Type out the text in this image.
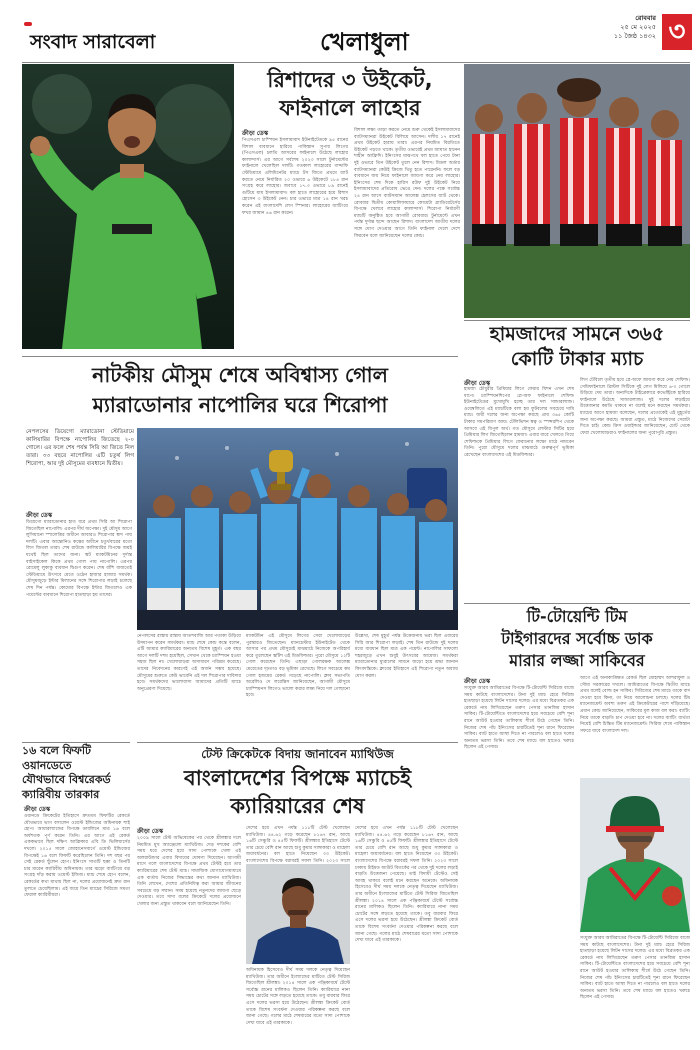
সংবাদ সারাবেলা	খেলাধুলা
রোববার
২৫ মে ২০২৫
১১ জৈষ্ঠ ১৪৩২ ৩
রিশাদের ৩ উইকেট,
ফাইনালে লাহোর
ক্রীড়া ডেস্ক
পিএসএল চাম্পিয়ন ইসলামাবাদ ইউনাইটেডকে ৯৫ রানের বিশাল ব্যবধানে হারিয়ে পাকিস্তান সুপার লিগের (পিএসএল) চলতি আসরের ফাইনালে উঠেছে লাহোর কালান্দার্স। এর আগে সর্বশেষ ২০২৩ সালে টুর্নামেন্টের ফাইনালে খেলেছিল দলটি। গতকাল লাহোরের গাদ্দাফি স্টেডিয়ামে এলিমিনেটর ম্যাচে টস জিতে প্রথমে ব্যাট করতে নেমে নির্ধারিত ২০ ওভারে ৬ উইকেটে ১৮৪ রান সংগ্রহ করে লাহোর। জবাবে ১৭.৩ ওভারে ৮৯ রানেই গুটিয়ে যায় ইসলামাবাদ। বল হাতে লাহোরের হয়ে রিশাদ হোসেন ৩ উইকেট নেন। চার ওভারে মাত্র ১৪ রান খরচ করেন এই বাংলাদেশি লেগ স্পিনার। লাহোরের ব্যাটিংয়ে ফখর জামান ৪৬ রান করেন।
বিশাল লক্ষ্য তাড়া করতে নেমে শুরু থেকেই ইসলামাবাদের ব্যাটসম্যানরা উইকেট বিলিয়ে আসেন। দলীয় ১৭ রানেই প্রথম উইকেট হারায় তারা। এরপর নিয়মিত বিরতিতে উইকেট পড়তে থাকে। তৃতীয় ওভারেই প্রথম আঘাত হানেন শাহীন আফ্রিদি। ইনিংসের মাঝপথে বল হাতে পেয়ে টানা দুই ওভারে তিন উইকেট তুলে নেন রিশাদ। মিডল অর্ডার ব্যাটসম্যানরা কেউই ক্রিজে থিতু হতে পারেননি। ফলে বড় ব্যবধানে জয় নিয়ে ফাইনালে জায়গা করে নেয় লাহোর। ইনিংসের শেষ দিকে হারিস রউফ দুই উইকেট নিয়ে ইসলামাবাদের প্রতিরোধ ভেঙে দেন। দলের পক্ষে সর্বোচ্চ ২৪ রান আসে ব্যাটসম্যান আলেক্স হেলসের ব্যাট থেকে। রোববার দ্বিতীয় কোয়ালিফায়ারে কোয়েটা গ্ল্যাডিয়েটর্সের বিপক্ষে খেলবে লাহোর কালান্দার্স। শিরোপা নির্ধারণী ম্যাচটি অনুষ্ঠিত হবে আগামী রোববার। টুর্নামেন্টে এখন পর্যন্ত দুর্দান্ত ছন্দে আছেন রিশাদ। বাংলাদেশ জাতীয় দলের সঙ্গে যোগ দেওয়ার আগে তিনি ফাইনাল খেলে দেশে ফিরবেন বলে জানিয়েছেন দলের কোচ।
হামজাদের সামনে ৩৬৫
কোটি টাকার ম্যাচ
ক্রীড়া ডেস্ক
হামজা চৌধুরীর প্রিমিয়ার লিগে ফেরার মিশন এখন শেষ ধাপে। চ্যাম্পিয়নশিপের প্লে-অফ ফাইনালে শেফিল্ড ইউনাইটেডের মুখোমুখি হচ্ছে তার দল সান্ডারল্যান্ড। ওয়েম্বলিতে এই ম্যাচটিকে বলা হয় ফুটবলের সবচেয়ে দামি ম্যাচ। জয়ী দলের জন্য অপেক্ষা করছে প্রায় ৩৬৫ কোটি টাকার সমপরিমাণ আয়। টেলিভিশন স্বত্ব ও স্পন্সরশিপ থেকে আসবে এই বিপুল অর্থ। গত মৌসুমে লেস্টার সিটির হয়ে প্রিমিয়ার লিগ জিতেছিলেন হামজা। এবার ধারে খেলতে গিয়ে শেফিল্ডকে প্রিমিয়ার লিগে ফেরানোর লক্ষ্যে মাঠে নামবেন তিনি। পুরো মৌসুমে দলের মাঝমাঠে গুরুত্বপূর্ণ ভূমিকা রেখেছেন বাংলাদেশের এই মিডফিল্ডার।
লিগ টেবিলে তৃতীয় হয়ে প্লে-অফে জায়গা করে নেয় শেফিল্ড। সেমিফাইনালে ব্রিস্টল সিটিকে দুই লেগ মিলিয়ে ৬-০ গোলে উড়িয়ে দেয় তারা। অন্যদিকে টাইব্রেকারে কভেন্ট্রিকে হারিয়ে ফাইনালে উঠেছে সান্ডারল্যান্ড। দুই দলের লড়াইয়ে উত্তেজনার কমতি থাকবে না বলেই মনে করছেন সমর্থকরা। ম্যাচের আগে হামজা বলেছেন, দলের প্রত্যেকেই এই মুহূর্তের জন্য অপেক্ষা করছে। আমরা প্রস্তুত, মাঠে নিজেদের সেরাটা দিতে চাই। কোচ ক্রিস ওয়াইল্ডার জানিয়েছেন, চোট থেকে ফেরা খেলোয়াড়রাও ফাইনালের জন্য পুরোপুরি প্রস্তুত।
নাটকীয় মৌসুম শেষে অবিশ্বাস্য গোল
ম্যারাডোনার নাপোলির ঘরে শিরোপা
নেপলসের ডিয়েগো ম্যারাডোনা স্টেডিয়ামে কালিয়ারির বিপক্ষে নাপোলির জিতেছে ২-০ গোলে। এর ফলে শেষ পর্যন্ত সিরি আ জিতে নিল তারা। ৩৩ বছরে নাপোলির এটি চতুর্থ লিগ শিরোপা, আর দুই মৌসুমের ব্যবধানে দ্বিতীয়।
ক্রীড়া ডেস্ক
ডিয়েগো ম্যারাডোনার হাত ধরে প্রথম সিরি আ শিরোপা জিতেছিল নাপোলি। এরপর দীর্ঘ অপেক্ষা। দুই মৌসুম আগে লুসিয়ানো স্পালেত্তির অধীনে আবারও শিরোপার স্বাদ পায় দলটি। এবার আন্তোনিও কন্তের অধীনে চতুর্থবারের মতো লিগ জিতল তারা। শেষ রাউন্ডে কালিয়ারির বিপক্ষে জয়ই যথেষ্ট ছিল তাদের জন্য। স্কট ম্যাকটমিনের দুর্দান্ত বাইসাইকেল কিকে প্রথম গোল পায় নাপোলি। এরপর রোমেলু লুকাকু ব্যবধান দ্বিগুণ করেন। শেষ বাঁশি বাজতেই স্টেডিয়ামে উৎসবে মেতে ওঠেন হাজার হাজার সমর্থক। মৌসুমজুড়ে ইন্টার মিলানের সঙ্গে শিরোপার লড়াই চলেছে শেষ দিন পর্যন্ত। কোমোর বিপক্ষে ইন্টার জিতলেও এক পয়েন্টের ব্যবধানে শিরোপা হাতছাড়া হয় তাদের।
নেপলসের রাস্তায় রাস্তায় আতশবাজি আর পতাকা উড়িয়ে উদযাপন করেন সমর্থকরা। ম্যাচ শেষে কোচ কন্তে বলেন, এটি আমার ক্যারিয়ারের অন্যতম বিশেষ মুহূর্ত। এক বছর আগে দলটি দশম হয়েছিল, সেখান থেকে চ্যাম্পিয়ন হওয়া সহজ ছিল না। খেলোয়াড়রা অসাধারণ পরিশ্রম করেছে। তাদের নিবেদনের কারণেই এই অর্জন সম্ভব হয়েছে। মৌসুমের শুরুতে কেউ ভাবেনি এই দল শিরোপার দাবিদার হবে। সমর্থকদের ভালোবাসা আমাদের প্রতিটি ম্যাচে অনুপ্রেরণা দিয়েছে।
ম্যাকটমিন এই মৌসুমে লিগের সেরা খেলোয়াড়ের পুরস্কারও জিতেছেন। ম্যানচেস্টার ইউনাইটেড থেকে আসার পর প্রথম মৌসুমেই মাঝমাঠে নিজেকে অপরিহার্য করে তুলেছেন স্কটিশ এই মিডফিল্ডার। পুরো মৌসুমে ১২টি গোল করেছেন তিনি। এছাড়া গোলরক্ষক আলেক্স মেরেতের দৃঢ়তাও বড় ভূমিকা রেখেছে। লিগে সবচেয়ে কম গোল হজমের রেকর্ড গড়েছে নাপোলি। ক্লাব সভাপতি অরেলিও দে লরেন্তিস জানিয়েছেন, আগামী মৌসুমে চ্যাম্পিয়নস লিগেও ভালো করার লক্ষ্য নিয়ে দল গোছানো হবে।
উল্লেখ্য, শেষ মুহূর্ত পর্যন্ত উত্তেজনায় ভরা ছিল এবারের সিরি আর শিরোপা লড়াই। শেষ তিন রাউন্ডে দুই দলের মধ্যে ব্যবধান ছিল মাত্র এক পয়েন্ট। নাপোলির সাফল্যে শহরজুড়ে এখন শুধুই উৎসবের আমেজ। সমর্থকরা ম্যারাডোনার ম্যুরালের সামনে জড়ো হয়ে শ্রদ্ধা জানান কিংবদন্তিকে। ক্লাবের ইতিহাসে এই শিরোপা নতুন অধ্যায় যোগ করল।
টি-টোয়েন্টি টিম
টাইগারদের সর্বোচ্চ ডাক
মারার লজ্জা সাকিবের
ক্রীড়া ডেস্ক
সংযুক্ত আরব আমিরাতের বিপক্ষে টি-টোয়েন্টি সিরিজে বাজে সময় কাটছে বাংলাদেশের। টানা দুই ম্যাচ হেরে সিরিজ হাতছাড়া হয়েছে লিটন দাসের দলের। এর মধ্যে বিব্রতকর এক রেকর্ডে নাম লিখিয়েছেন তরুণ পেসার তানজিম হাসান সাকিব। টি-টোয়েন্টিতে বাংলাদেশের হয়ে সবচেয়ে বেশি শূন্য রানে আউট হওয়ার তালিকায় শীর্ষে উঠে গেছেন তিনি। নিজের শেষ পাঁচ ইনিংসের চারটিতেই শূন্য রানে ফিরেছেন সাকিব। ব্যাট হাতে আস্থা দিতে না পারলেও বল হাতে দলের অন্যতম ভরসা তিনি। তবে শেষ ম্যাচে বল হাতেও খরুচে ছিলেন এই পেসার।
আগে এই অনাকাঙ্ক্ষিত রেকর্ড ছিল মোহাম্মদ আশরাফুল ও সৌম্য সরকারের দখলে। আমিরাতের বিপক্ষে দ্বিতীয় ম্যাচে প্রথম বলেই বোল্ড হন সাকিব। সিরিজের শেষ ম্যাচে তাকে বাদ দেওয়া হবে কিনা, তা নিয়ে আলোচনা চলছে। দলের টিম ম্যানেজমেন্ট অবশ্য তরুণ এই ক্রিকেটারের পাশে দাঁড়িয়েছে। প্রধান কোচ জানিয়েছেন, সাকিবের মূল কাজ বল করা। ব্যাটিং নিয়ে তাকে বাড়তি চাপ দেওয়া হবে না। দলের ব্যাটিং ব্যর্থতা নিয়েই বেশি চিন্তিত টিম ম্যানেজমেন্ট। সিরিজ শেষে পাকিস্তান সফরে যাবে বাংলাদেশ দল।
সংযুক্ত আরব আমিরাতের বিপক্ষে টি-টোয়েন্টি সিরিজে বাজে সময় কাটছে বাংলাদেশের। টানা দুই ম্যাচ হেরে সিরিজ হাতছাড়া হয়েছে লিটন দাসের দলের। এর মধ্যে বিব্রতকর এক রেকর্ডে নাম লিখিয়েছেন তরুণ পেসার তানজিম হাসান সাকিব। টি-টোয়েন্টিতে বাংলাদেশের হয়ে সবচেয়ে বেশি শূন্য রানে আউট হওয়ার তালিকায় শীর্ষে উঠে গেছেন তিনি। নিজের শেষ পাঁচ ইনিংসের চারটিতেই শূন্য রানে ফিরেছেন সাকিব। ব্যাট হাতে আস্থা দিতে না পারলেও বল হাতে দলের অন্যতম ভরসা তিনি। তবে শেষ ম্যাচে বল হাতেও খরুচে ছিলেন এই পেসার।
১৬ বলে ফিফটি
ওয়ানডেতে
যৌথভাবে বিশ্বরেকর্ড
ক্যারিবীয় তারকার
ক্রীড়া ডেস্ক
ওয়ানডে ক্রিকেটের ইতিহাসে দ্রুততম ফিফটির রেকর্ডে যৌথভাবে ভাগ বসালেন ওয়েস্ট ইন্ডিজের অধিনায়ক শাই হোপ। আয়ারল্যান্ডের বিপক্ষে ডাবলিনে মাত্র ১৬ বলে অর্ধশতক পূর্ণ করেন তিনি। এর আগে এই রেকর্ড এককভাবে ছিল দক্ষিণ আফ্রিকার এবি ডি ভিলিয়ার্সের দখলে। ২০১৫ সালে জোহানেসবার্গে ওয়েস্ট ইন্ডিজের বিপক্ষেই ১৬ বলে ফিফটি করেছিলেন তিনি। দশ বছর পর সেই রেকর্ড ছুঁলেন হোপ। ইনিংসে সাতটি ছক্কা ও তিনটি চার মারেন ক্যারিবীয় অধিনায়ক। তার ঝড়ো ব্যাটিংয়ে বড় সংগ্রহ দাঁড় করায় ওয়েস্ট ইন্ডিজ। ম্যাচ শেষে হোপ বলেন, রেকর্ডের কথা মাথায় ছিল না, দলের প্রয়োজনেই দ্রুত রান তুলতে চেয়েছিলাম। এই জয়ে তিন ম্যাচের সিরিজে সমতা ফেরাল ক্যারিবীয়রা।
টেস্ট ক্রিকেটকে বিদায় জানাবেন ম্যাথিউজ
বাংলাদেশের বিপক্ষে ম্যাচেই
ক্যারিয়ারের শেষ
ক্রীড়া ডেস্ক
২০০৯ সালে টেস্ট অভিষেকের পর থেকে শ্রীলঙ্কার দলে নিয়মিত মুখ অ্যাঞ্জেলো ম্যাথিউজ। দেড় দশকের বেশি সময় ধরে দেশের হয়ে সাদা পোশাকে খেলা এই অলরাউন্ডার এবার বিদায়ের ঘোষণা দিয়েছেন। আগামী মাসে গলে বাংলাদেশের বিপক্ষে প্রথম টেস্টই হবে তার ক্যারিয়ারের শেষ টেস্ট ম্যাচ। সামাজিক যোগাযোগমাধ্যমে এক বার্তায় নিজের সিদ্ধান্তের কথা জানান ম্যাথিউজ। তিনি লেখেন, দেশের প্রতিনিধিত্ব করা আমার জীবনের সবচেয়ে বড় সম্মান। সময় হয়েছে নতুনদের জায়গা ছেড়ে দেওয়ার। তবে সাদা বলের ক্রিকেটে দলের প্রয়োজনে খেলার জন্য প্রস্তুত থাকবেন বলে জানিয়েছেন তিনি।
দেশের হয়ে এখন পর্যন্ত ১১৮টি টেস্ট খেলেছেন ম্যাথিউজ। ৪৪.৬২ গড়ে করেছেন ৮১৬৭ রান, আছে ১৬টি সেঞ্চুরি ও ৪৫টি ফিফটি। শ্রীলঙ্কার ইতিহাসে টেস্টে তার চেয়ে বেশি রান আছে শুধু কুমার সাঙ্গাকারা ও মাহেলা জয়াবর্ধনের। বল হাতে নিয়েছেন ৩৩ উইকেট। বাংলাদেশের বিপক্ষে বরাবরই সফল তিনি। ২০২৩ সালে
অধিনায়ক হিসেবেও দীর্ঘ সময় দলকে নেতৃত্ব দিয়েছেন ম্যাথিউজ। তার অধীনে ইংল্যান্ডের মাটিতে টেস্ট সিরিজ জিতেছিল শ্রীলঙ্কা। ২০১৪ সালে এক পঞ্জিকাবর্ষে টেস্টে সর্বোচ্চ রানের মালিকও ছিলেন তিনি। ক্যারিয়ারে নানা সময় চোটের সঙ্গে লড়তে হয়েছে তাকে। তবু বারবার ফিরে এসে দলের ভরসা হয়ে উঠেছেন। শ্রীলঙ্কা ক্রিকেট বোর্ড তাকে বিশেষ সংবর্ধনা দেওয়ার পরিকল্পনা করছে বলে জানা গেছে। গলের মাঠে শেষবারের মতো সাদা পোশাকে দেখা যাবে এই তারকাকে।
দেশের হয়ে এখন পর্যন্ত ১১৮টি টেস্ট খেলেছেন ম্যাথিউজ। ৪৪.৬২ গড়ে করেছেন ৮১৬৭ রান, আছে ১৬টি সেঞ্চুরি ও ৪৫টি ফিফটি। শ্রীলঙ্কার ইতিহাসে টেস্টে তার চেয়ে বেশি রান আছে শুধু কুমার সাঙ্গাকারা ও মাহেলা জয়াবর্ধনের। বল হাতে নিয়েছেন ৩৩ উইকেট। বাংলাদেশের বিপক্ষে বরাবরই সফল তিনি। ২০২৩ সালে ঢাকায় টাইমড আউট বিতর্কের পর থেকে দুই দলের লড়াই বাড়তি উত্তেজনা পেয়েছে। তাই বিদায়ী টেস্টেও সেই আবহ থাকবে বলেই মনে করছেন অনেকে। অধিনায়ক হিসেবেও দীর্ঘ সময় দলকে নেতৃত্ব দিয়েছেন ম্যাথিউজ। তার অধীনে ইংল্যান্ডের মাটিতে টেস্ট সিরিজ জিতেছিল শ্রীলঙ্কা। ২০১৪ সালে এক পঞ্জিকাবর্ষে টেস্টে সর্বোচ্চ রানের মালিকও ছিলেন তিনি। ক্যারিয়ারে নানা সময় চোটের সঙ্গে লড়তে হয়েছে তাকে। তবু বারবার ফিরে এসে দলের ভরসা হয়ে উঠেছেন। শ্রীলঙ্কা ক্রিকেট বোর্ড তাকে বিশেষ সংবর্ধনা দেওয়ার পরিকল্পনা করছে বলে জানা গেছে। গলের মাঠে শেষবারের মতো সাদা পোশাকে দেখা যাবে এই তারকাকে।
